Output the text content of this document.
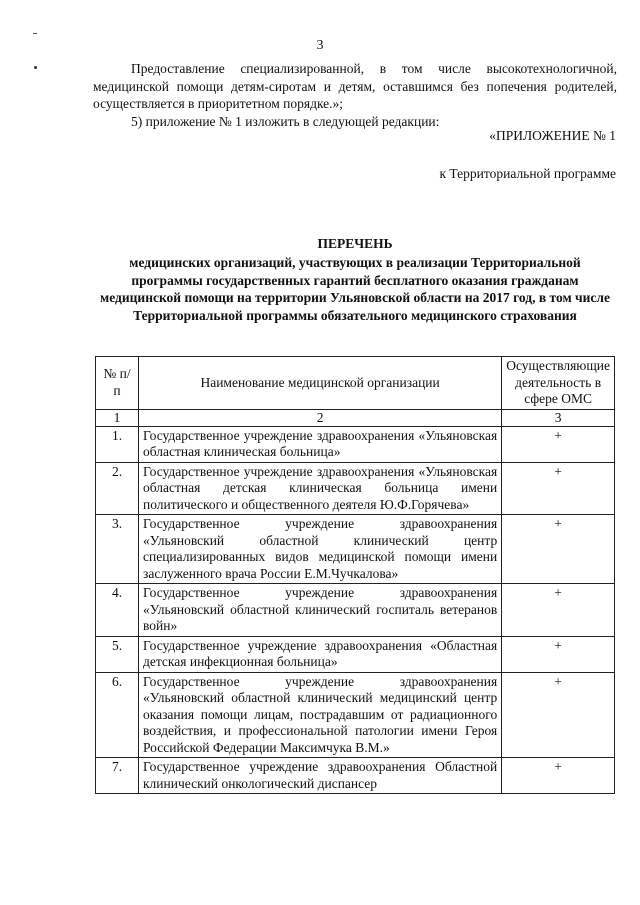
3
Предоставление специализированной, в том числе высокотехнологичной, медицинской помощи детям-сиротам и детям, оставшимся без попечения родителей, осуществляется в приоритетном порядке.»;
5) приложение № 1 изложить в следующей редакции:
«ПРИЛОЖЕНИЕ № 1
к Территориальной программе
ПЕРЕЧЕНЬ
медицинских организаций, участвующих в реализации Территориальной программы государственных гарантий бесплатного оказания гражданам медицинской помощи на территории Ульяновской области на 2017 год, в том числе Территориальной программы обязательного медицинского страхования
№ п/п	Наименование медицинской организации	Осуществляющие деятельность в сфере ОМС
1	2	3
1.	Государственное учреждение здравоохранения «Ульяновская областная клиническая больница»	+
2.	Государственное учреждение здравоохранения «Ульяновская областная детская клиническая больница имени политического и общественного деятеля Ю.Ф.Горячева»	+
3.	Государственное учреждение здравоохранения «Ульяновский областной клинический центр специализированных видов медицинской помощи имени заслуженного врача России Е.М.Чучкалова»	+
4.	Государственное учреждение здравоохранения «Ульяновский областной клинический госпиталь ветеранов войн»	+
5.	Государственное учреждение здравоохранения «Областная детская инфекционная больница»	+
6.	Государственное учреждение здравоохранения «Ульяновский областной клинический медицинский центр оказания помощи лицам, пострадавшим от радиационного воздействия, и профессиональной патологии имени Героя Российской Федерации Максимчука В.М.»	+
7.	Государственное учреждение здравоохранения Областной клинический онкологический диспансер	+
